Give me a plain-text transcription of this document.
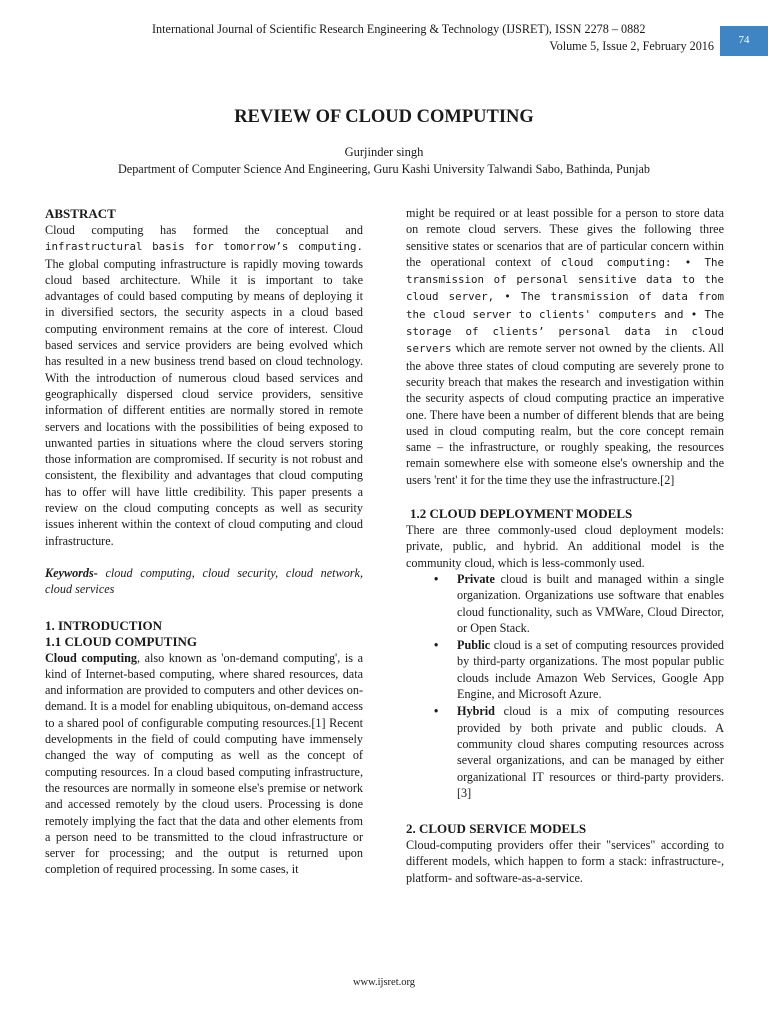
International Journal of Scientific Research Engineering & Technology (IJSRET), ISSN 2278 – 0882
Volume 5, Issue 2, February 2016	74
REVIEW OF CLOUD COMPUTING
Gurjinder singh
Department of Computer Science And Engineering, Guru Kashi University Talwandi Sabo, Bathinda, Punjab

ABSTRACT

Cloud computing has formed the conceptual and infrastructural basis for tomorrow’s computing. The global computing infrastructure is rapidly moving towards cloud based architecture. While it is important to take advantages of could based computing by means of deploying it in diversified sectors, the security aspects in a cloud based computing environment remains at the core of interest. Cloud based services and service providers are being evolved which has resulted in a new business trend based on cloud technology. With the introduction of numerous cloud based services and geographically dispersed cloud service providers, sensitive information of different entities are normally stored in remote servers and locations with the possibilities of being exposed to unwanted parties in situations where the cloud servers storing those information are compromised. If security is not robust and consistent, the flexibility and advantages that cloud computing has to offer will have little credibility. This paper presents a review on the cloud computing concepts as well as security issues inherent within the context of cloud computing and cloud infrastructure.

Keywords- cloud computing, cloud security, cloud network, cloud services

1. INTRODUCTION

1.1 CLOUD COMPUTING

Cloud computing, also known as 'on-demand computing', is a kind of Internet-based computing, where shared resources, data and information are provided to computers and other devices on-demand. It is a model for enabling ubiquitous, on-demand access to a shared pool of configurable computing resources.[1] Recent developments in the field of could computing have immensely changed the way of computing as well as the concept of computing resources. In a cloud based computing infrastructure, the resources are normally in someone else's premise or network and accessed remotely by the cloud users. Processing is done remotely implying the fact that the data and other elements from a person need to be transmitted to the cloud infrastructure or server for processing; and the output is returned upon completion of required processing. In some cases, it

might be required or at least possible for a person to store data on remote cloud servers. These gives the following three sensitive states or scenarios that are of particular concern within the operational context of cloud computing: • The transmission of personal sensitive data to the cloud server, • The transmission of data from the cloud server to clients' computers and • The storage of clients’ personal data in cloud servers which are remote server not owned by the clients. All the above three states of cloud computing are severely prone to security breach that makes the research and investigation within the security aspects of cloud computing practice an imperative one. There have been a number of different blends that are being used in cloud computing realm, but the core concept remain same – the infrastructure, or roughly speaking, the resources remain somewhere else with someone else's ownership and the users 'rent' it for the time they use the infrastructure.[2]

1.2 CLOUD DEPLOYMENT MODELS

There are three commonly-used cloud deployment models: private, public, and hybrid. An additional model is the community cloud, which is less-commonly used.

• Private cloud is built and managed within a single organization. Organizations use software that enables cloud functionality, such as VMWare, Cloud Director, or Open Stack.
• Public cloud is a set of computing resources provided by third-party organizations. The most popular public clouds include Amazon Web Services, Google App Engine, and Microsoft Azure.
• Hybrid cloud is a mix of computing resources provided by both private and public clouds. A community cloud shares computing resources across several organizations, and can be managed by either organizational IT resources or third-party providers.[3]

2. CLOUD SERVICE MODELS

Cloud-computing providers offer their "services" according to different models, which happen to form a stack: infrastructure-, platform- and software-as-a-service.

www.ijsret.org
